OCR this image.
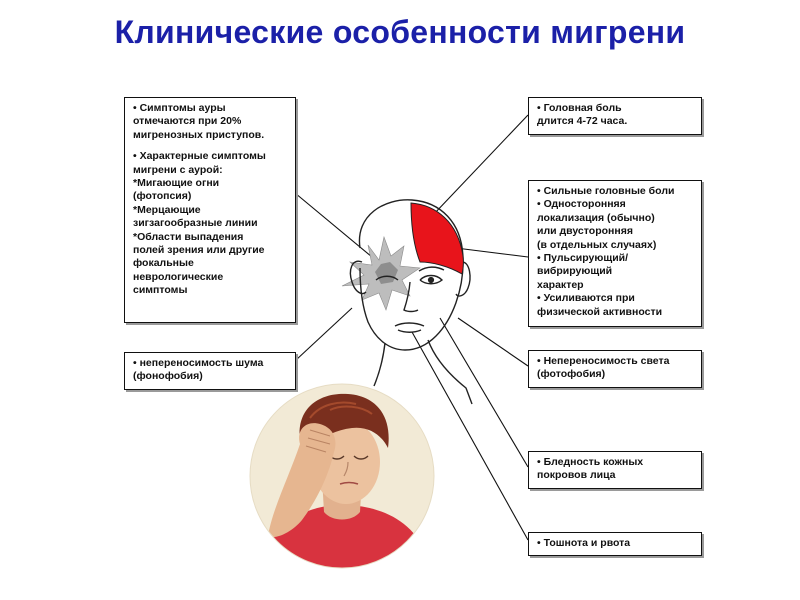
Клинические особенности мигрени
• Симптомы ауры
отмечаются при 20%
мигренозных приступов.
• Характерные симптомы
мигрени с аурой:
*Мигающие огни
(фотопсия)
*Мерцающие
зигзагообразные линии
*Области выпадения
полей зрения или другие
фокальные
неврологические
симптомы
• непереносимость шума
(фонофобия)
• Головная боль
длится 4-72 часа.
• Сильные головные боли
• Односторонняя
локализация (обычно)
или двусторонняя
(в отдельных случаях)
• Пульсирующий/
вибрирующий
характер
• Усиливаются при
физической активности
• Непереносимость света
(фотофобия)
• Бледность кожных
покровов лица
• Тошнота и рвота
